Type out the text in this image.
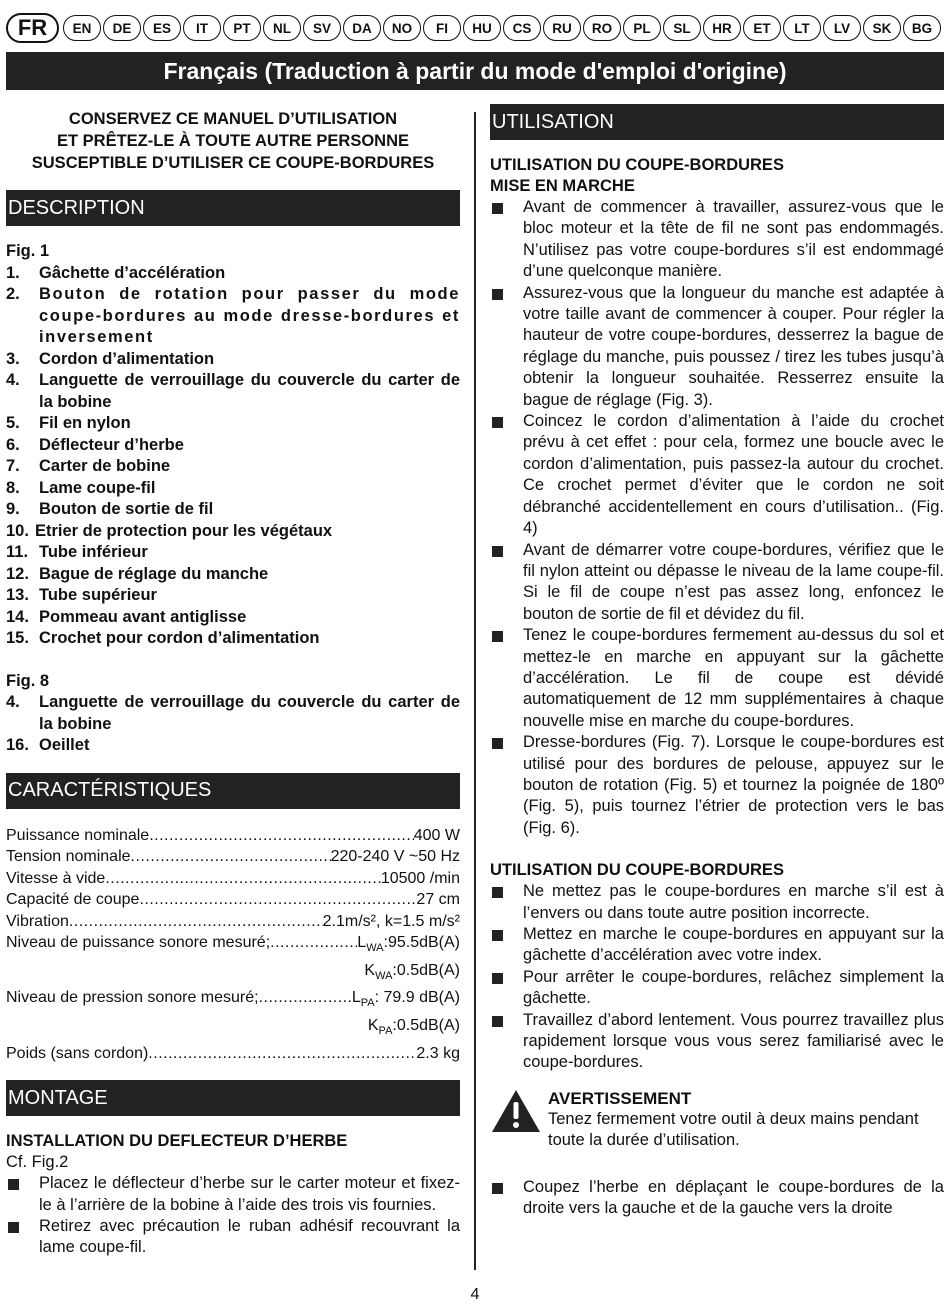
FR	EN	DE	ES	IT	PT	NL	SV	DA	NO	FI	HU	CS	RU	RO	PL	SL	HR	ET	LT	LV	SK	BG
Français (Traduction à partir du mode d'emploi d'origine)

CONSERVEZ CE MANUEL D’UTILISATION

ET PRÊTEZ-LE À TOUTE AUTRE PERSONNE

SUSCEPTIBLE D’UTILISER CE COUPE-BORDURES

DESCRIPTION
Fig. 1
1.	Gâchette d’accélération
2.	Bouton de rotation pour passer du mode coupe-bordures au mode dresse-bordures et inversement
3.	Cordon d’alimentation
4.	Languette de verrouillage du couvercle du carter de la bobine
5.	Fil en nylon
6.	Déflecteur d’herbe
7.	Carter de bobine
8.	Lame coupe-fil
9.	Bouton de sortie de fil
10. Etrier de protection pour les végétaux
11. Tube inférieur
12. Bague de réglage du manche
13. Tube supérieur
14. Pommeau avant antiglisse
15. Crochet pour cordon d’alimentation
Fig. 8
4.	Languette de verrouillage du couvercle du carter de la bobine
16. Oeillet
CARACTÉRISTIQUES
Puissance nominale .....	400 W
Tension nominale .....	220-240 V ~50 Hz
Vitesse à vide .....	10500 /min
Capacité de coupe .....	27 cm
Vibration .....	2.1m/s², k=1.5 m/s²
Niveau de puissance sonore mesuré; .....	$L_{WA}:95.5dB(A)$
$K_{WA}:0.5dB(A)$
Niveau de pression sonore mesuré; .....	$L_{PA}$: 79.9 dB(A)
$K_{PA}:0.5dB(A)$
Poids (sans cordon) .....	2.3 kg
MONTAGE
INSTALLATION DU DEFLECTEUR D’HERBE
Cf. Fig.2
Placez le déflecteur d’herbe sur le carter moteur et fixez-le à l’arrière de la bobine à l’aide des trois vis fournies.
Retirez avec précaution le ruban adhésif recouvrant la lame coupe-fil.
UTILISATION
UTILISATION DU COUPE-BORDURES
MISE EN MARCHE
Avant de commencer à travailler, assurez-vous que le bloc moteur et la tête de fil ne sont pas endommagés. N’utilisez pas votre coupe-bordures s’il est endommagé d’une quelconque manière.
Assurez-vous que la longueur du manche est adaptée à votre taille avant de commencer à couper. Pour régler la hauteur de votre coupe-bordures, desserrez la bague de réglage du manche, puis poussez / tirez les tubes jusqu’à obtenir la longueur souhaitée. Resserrez ensuite la bague de réglage (Fig. 3).
Coincez le cordon d’alimentation à l’aide du crochet prévu à cet effet : pour cela, formez une boucle avec le cordon d’alimentation, puis passez-la autour du crochet. Ce crochet permet d’éviter que le cordon ne soit débranché accidentellement en cours d’utilisation.. (Fig. 4)
Avant de démarrer votre coupe-bordures, vérifiez que le fil nylon atteint ou dépasse le niveau de la lame coupe-fil. Si le fil de coupe n’est pas assez long, enfoncez le bouton de sortie de fil et dévidez du fil.
Tenez le coupe-bordures fermement au-dessus du sol et mettez-le en marche en appuyant sur la gâchette d’accélération. Le fil de coupe est dévidé automatiquement de 12 mm supplémentaires à chaque nouvelle mise en marche du coupe-bordures.
Dresse-bordures (Fig. 7). Lorsque le coupe-bordures est utilisé pour des bordures de pelouse, appuyez sur le bouton de rotation (Fig. 5) et tournez la poignée de 180º (Fig. 5), puis tournez l’étrier de protection vers le bas (Fig. 6).
UTILISATION DU COUPE-BORDURES
Ne mettez pas le coupe-bordures en marche s’il est à l’envers ou dans toute autre position incorrecte.
Mettez en marche le coupe-bordures en appuyant sur la gâchette d’accélération avec votre index.
Pour arrêter le coupe-bordures, relâchez simplement la gâchette.
Travaillez d’abord lentement. Vous pourrez travaillez plus rapidement lorsque vous vous serez familiarisé avec le coupe-bordures.
AVERTISSEMENT
Tenez fermement votre outil à deux mains pendant toute la durée d’utilisation.
Coupez l’herbe en déplaçant le coupe-bordures de la droite vers la gauche et de la gauche vers la droite
4
